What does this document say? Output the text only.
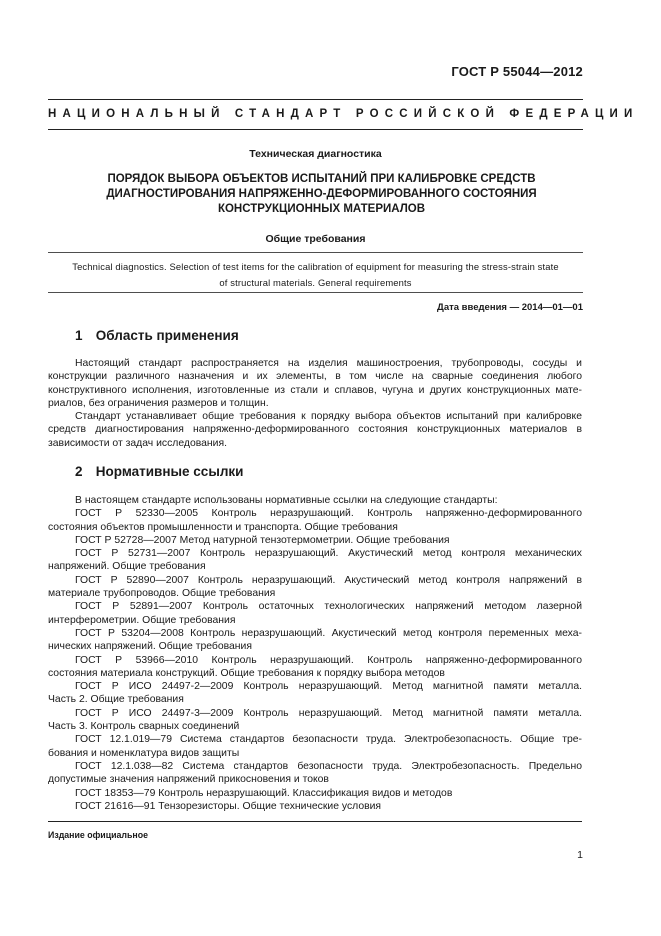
ГОСТ Р 55044—2012
НАЦИОНАЛЬНЫЙ СТАНДАРТ РОССИЙСКОЙ ФЕДЕРАЦИИ
Техническая диагностика
ПОРЯДОК ВЫБОРА ОБЪЕКТОВ ИСПЫТАНИЙ ПРИ КАЛИБРОВКЕ СРЕДСТВ
ДИАГНОСТИРОВАНИЯ НАПРЯЖЕННО-ДЕФОРМИРОВАННОГО СОСТОЯНИЯ
КОНСТРУКЦИОННЫХ МАТЕРИАЛОВ
Общие требования
Technical diagnostics. Selection of test items for the calibration of equipment for measuring the stress-strain state
of structural materials. General requirements
Дата введения — 2014—01—01
1 Область применения
Настоящий стандарт распространяется на изделия машиностроения, трубопроводы, сосуды и
конструкции различного назначения и их элементы, в том числе на сварные соединения любого
конструктивного исполнения, изготовленные из стали и сплавов, чугуна и других конструкционных мате-
риалов, без ограничения размеров и толщин.
Стандарт устанавливает общие требования к порядку выбора объектов испытаний при калибровке
средств диагностирования напряженно-деформированного состояния конструкционных материалов в
зависимости от задач исследования.
2 Нормативные ссылки
В настоящем стандарте использованы нормативные ссылки на следующие стандарты:
ГОСТ Р 52330—2005 Контроль неразрушающий. Контроль напряженно-деформированного
состояния объектов промышленности и транспорта. Общие требования
ГОСТ Р 52728—2007 Метод натурной тензотермометрии. Общие требования
ГОСТ Р 52731—2007 Контроль неразрушающий. Акустический метод контроля механических
напряжений. Общие требования
ГОСТ Р 52890—2007 Контроль неразрушающий. Акустический метод контроля напряжений в
материале трубопроводов. Общие требования
ГОСТ Р 52891—2007 Контроль остаточных технологических напряжений методом лазерной
интерферометрии. Общие требования
ГОСТ Р 53204—2008 Контроль неразрушающий. Акустический метод контроля переменных меха-
нических напряжений. Общие требования
ГОСТ Р 53966—2010 Контроль неразрушающий. Контроль напряженно-деформированного
состояния материала конструкций. Общие требования к порядку выбора методов
ГОСТ Р ИСО 24497-2—2009 Контроль неразрушающий. Метод магнитной памяти металла.
Часть 2. Общие требования
ГОСТ Р ИСО 24497-3—2009 Контроль неразрушающий. Метод магнитной памяти металла.
Часть 3. Контроль сварных соединений
ГОСТ 12.1.019—79 Система стандартов безопасности труда. Электробезопасность. Общие тре-
бования и номенклатура видов защиты
ГОСТ 12.1.038—82 Система стандартов безопасности труда. Электробезопасность. Предельно
допустимые значения напряжений прикосновения и токов
ГОСТ 18353—79 Контроль неразрушающий. Классификация видов и методов
ГОСТ 21616—91 Тензорезисторы. Общие технические условия
Издание официальное
1
